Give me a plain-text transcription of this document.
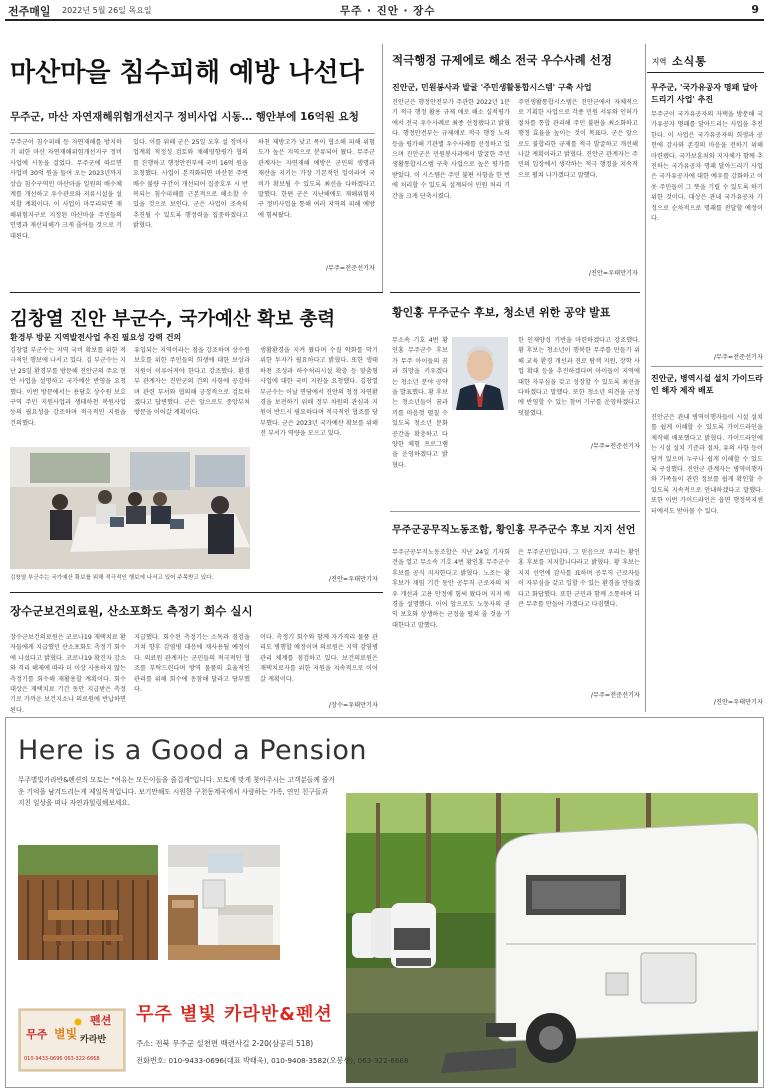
전주매일 2022년 5월 26일 목요일	무주 · 진안 · 장수	9
마산마을 침수피해 예방 나선다
무주군, 마산 자연재해위험개선지구 정비사업 시동… 행안부에 16억원 요청
무주군이 침수피해 등 자연재해를 방지하기 위한 마산 자연재해위험개선지구 정비사업에 시동을 걸었다. 무주군에 따르면 사업비 30억 원을 들여 오는 2023년까지 상습 침수구역인 마산마을 일원의 배수체계를 개선하고 우수관로와 저류시설을 설치할 계획이다. 이 사업이 마무리되면 재해위험지구로 지정된 마산마을 주민들의 인명과 재산피해가 크게 줄어들 것으로 기대된다.
있다. 이를 위해 군은 25일 오후 설 정비사업계획 적정성 검토와 재해영향평가 협의를 진행하고 행정안전부에 국비 16억 원을 요청했다. 사업이 본격화되면 마산천 주변 배수 불량 구간이 개선되어 집중호우 시 반복되는 침수피해를 근본적으로 해소할 수 있을 것으로 보인다. 군은 사업이 조속히 추진될 수 있도록 행정력을 집중하겠다고 밝혔다.
하천 제방고가 낮고 폭이 협소해 피해 위험도가 높은 지역으로 분류되어 왔다. 무주군 관계자는 자연재해 예방은 군민의 생명과 재산을 지키는 가장 기본적인 일이라며 국비가 확보될 수 있도록 최선을 다하겠다고 말했다. 한편 군은 지난해에도 재해위험지구 정비사업을 통해 여러 지역의 피해 예방에 힘써왔다.
/무주=전준선기자
적극행정 규제에로 해소 전국 우수사례 선정
진안군, 민원봉사과 발굴 '주민생활통합시스템' 구축 사업
진안군은 행정안전부가 주관한 2022년 1분기 적극 행정 활용 규제 애로 해소 실적평가에서 전국 우수사례로 최종 선정됐다고 밝혔다. 행정안전부는 규제애로 적극 행정 노력 등을 평가해 기관별 우수사례를 선정하고 있으며 진안군은 민원봉사과에서 발굴한 주민생활통합시스템 구축 사업으로 높은 평가를 받았다. 이 시스템은 주민 불편 사항을 한 번에 처리할 수 있도록 설계되어 민원 처리 기간을 크게 단축시켰다.
주민생활통합시스템은 진안군에서 자체적으로 기획한 사업으로 각종 민원 서류와 인허가 절차를 통합 관리해 주민 불편을 최소화하고 행정 효율을 높이는 것이 목표다. 군은 앞으로도 불합리한 규제를 적극 발굴하고 개선해 나갈 계획이라고 밝혔다. 진안군 관계자는 주민의 입장에서 생각하는 적극 행정을 지속적으로 펼쳐 나가겠다고 말했다.
/진안=우태만기자
김창열 진안 부군수, 국가예산 확보 총력
환경부 방문 지역발전사업 추진 필요성 강력 건의
김창열 부군수는 지역 국비 확보를 위한 적극적인 행보에 나서고 있다. 김 부군수는 지난 25일 환경부를 방문해 진안군의 주요 현안 사업을 설명하고 국가예산 반영을 요청했다. 이번 방문에서는 용담호 상수원 보호구역 주민 지원사업과 생태하천 복원사업 등의 필요성을 강조하며 적극적인 지원을 건의했다.
유입되는 지역이라는 점을 강조하며 상수원 보호를 위한 주민들의 희생에 대한 보상과 지원이 이루어져야 한다고 강조했다. 환경부 관계자는 진안군의 건의 사항에 공감하며 관련 부서와 협의해 긍정적으로 검토하겠다고 답변했다. 군은 앞으로도 중앙부처 방문을 이어갈 계획이다.
생활환경을 지켜 왔다며 수질 악화를 막기 위한 투자가 필요하다고 밝혔다. 또한 생태 하천 조성과 하수처리시설 확충 등 맞춤형 사업에 대한 국비 지원을 요청했다. 김창열 부군수는 이날 면담에서 진안의 청정 자연환경을 보전하기 위해 정부 차원의 관심과 지원이 반드시 필요하다며 적극적인 협조를 당부했다. 군은 2023년 국가예산 확보를 위해 전 부서가 역량을 모으고 있다.
김창열 부군수는 국가예산 확보를 위해 적극적인 행보에 나서고 있어 주목받고 있다.	/진안=우태만기자
황인홍 무주군수 후보, 청소년 위한 공약 발표
무소속 기호 4번 황인홍 무주군수 후보가 무주 아이들의 꿈과 희망을 키우겠다는 청소년 분야 공약을 발표했다. 황 후보는 청소년들이 꿈과 끼를 마음껏 펼칠 수 있도록 청소년 문화 공간을 확충하고 다양한 체험 프로그램을 운영하겠다고 밝혔다.
한 인재양성 기반을 마련하겠다고 강조했다. 황 후보는 청소년이 행복한 무주를 만들기 위해 교육 환경 개선과 진로 탐색 지원, 장학 사업 확대 등을 추진하겠다며 아이들이 지역에 대한 자부심을 갖고 성장할 수 있도록 최선을 다하겠다고 말했다. 또한 청소년 의견을 군정에 반영할 수 있는 참여 기구를 운영하겠다고 덧붙였다.
/무주=전준선기자
무주군공무직노동조합, 황인홍 무주군수 후보 지지 선언
무주군공무직노동조합은 지난 24일 기자회견을 열고 무소속 기호 4번 황인홍 무주군수 후보를 공식 지지한다고 밝혔다. 노조는 황 후보가 재임 기간 동안 공무직 근로자의 처우 개선과 고용 안정에 힘써 왔다며 지지 배경을 설명했다. 이어 앞으로도 노동자의 권익 보호와 상생하는 군정을 펼쳐 줄 것을 기대한다고 말했다.
은 무주군민입니다. 그 믿음으로 우리는 황인홍 후보를 지지합니다라고 밝혔다. 황 후보는 지지 선언에 감사를 표하며 공무직 근로자들이 자부심을 갖고 일할 수 있는 환경을 만들겠다고 화답했다. 또한 군민과 함께 소통하며 더 큰 무주를 만들어 가겠다고 다짐했다.
/무주=전준선기자
장수군보건의료원, 산소포화도 측정기 회수 실시
장수군보건의료원은 코로나19 재택치료 환자들에게 지급했던 산소포화도 측정기 회수에 나섰다고 밝혔다. 코로나19 확진자 감소와 격리 해제에 따라 더 이상 사용하지 않는 측정기를 회수해 재활용할 계획이다. 회수 대상은 재택치료 기간 동안 지급받은 측정기로 가까운 보건지소나 의료원에 반납하면 된다.
지급했다. 회수된 측정기는 소독과 점검을 거쳐 향후 감염병 대응에 재사용될 예정이다. 의료원 관계자는 군민들의 적극적인 협조를 부탁드린다며 방역 물품의 효율적인 관리를 위해 회수에 동참해 달라고 당부했다.
이다. 측정기 회수와 함께 자가격리 물품 관리도 병행할 예정이며 의료원은 지역 감염병 관리 체계를 점검하고 있다. 보건의료원은 재택치료자를 위한 지원을 지속적으로 이어갈 계획이다.
/장수=우태만기자
지역 소식통
무주군, '국가유공자 명패 달아드리기 사업' 추진
무주군이 국가유공자의 자택을 방문해 국가유공자 명패를 달아드리는 사업을 추진한다. 이 사업은 국가유공자의 희생과 공헌에 감사와 존경의 마음을 전하기 위해 마련됐다. 국가보훈처와 지자체가 함께 추진하는 국가유공자 명패 달아드리기 사업은 국가유공자에 대한 예우를 강화하고 이웃 주민들이 그 뜻을 기릴 수 있도록 하기 위한 것이다. 대상은 관내 국가유공자 가정으로 순차적으로 명패를 전달할 예정이다.
/무주=전준선기자
진안군, 병역시설 설치 가이드라인 해자 제작 배포
진안군은 관내 병역이행자들이 시설 설치를 쉽게 이해할 수 있도록 가이드라인을 제작해 배포했다고 밝혔다. 가이드라인에는 시설 설치 기준과 절차, 유의 사항 등이 담겨 있으며 누구나 쉽게 이해할 수 있도록 구성했다. 진안군 관계자는 병역이행자와 가족들이 관련 정보를 쉽게 확인할 수 있도록 지속적으로 안내하겠다고 말했다. 또한 이번 가이드라인은 읍면 행정복지센터에서도 받아볼 수 있다.
/진안=우태만기자
Here is a Good a Pension
무주별빛카라반&펜션의 모토는 "여유는 모든이들을 즐겁게"입니다. 모토에 맞게 찾아주시는 고객분들께 즐거운 기억을 남겨드리는게 제일목적입니다. 보기만해도 시원한 구천동계곡에서 사랑하는 가족, 연인 친구들과 지친 일상을 떠나 자연과힐링해보세요.
펜션
무주 별빛 카라반
010-9433-0696 063-322-6668
무주 별빛 카라반&펜션
주소: 전북 무주군 설천면 백련사길 2-20(삼공리 518)
전화번호: 010-9433-0696(대표 박태욱), 010-9408-3582(오봉선), 063-322-6668
